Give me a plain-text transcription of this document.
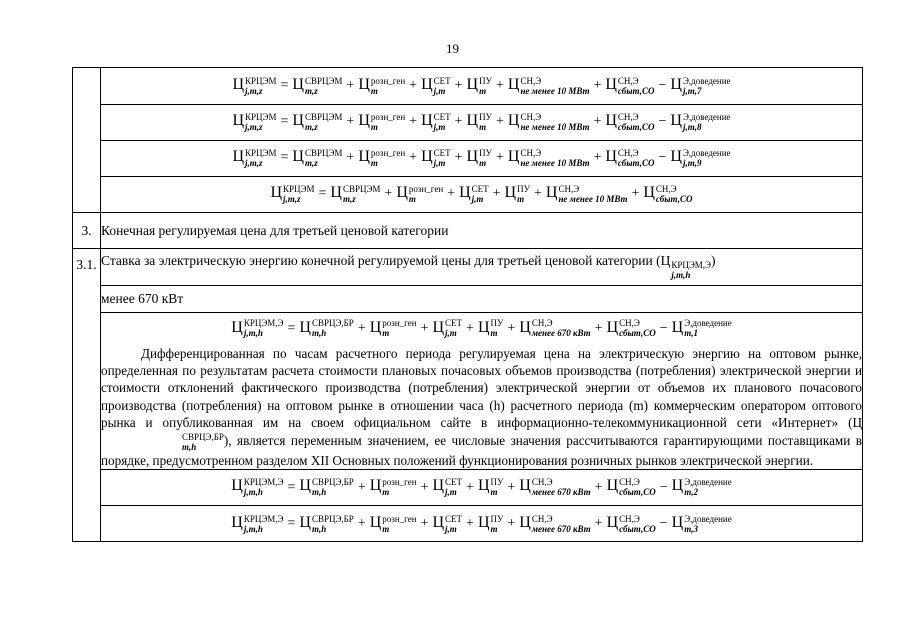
19

Ц КРЦЭМ
j,m,z	= Ц СВРЦЭМ
m,z	+ Ц розн_ген
m	+ Ц СЕТ
j,m + Ц ПУ
m + Ц СН,Э
не менее 10 МВт + Ц СН,Э
сбыт,СО − Ц Э,доведение
j,m,7

Ц КРЦЭМ
j,m,z	= Ц СВРЦЭМ
m,z	+ Ц розн_ген
m	+ Ц СЕТ
j,m + Ц ПУ
m + Ц СН,Э
не менее 10 МВт + Ц СН,Э
сбыт,СО − Ц Э,доведение
j,m,8

Ц КРЦЭМ
j,m,z	= Ц СВРЦЭМ
m,z	+ Ц розн_ген
m	+ Ц СЕТ
j,m + Ц ПУ
m + Ц СН,Э
не менее 10 МВт + Ц СН,Э
сбыт,СО − Ц Э,доведение
j,m,9

Ц КРЦЭМ
j,m,z	= Ц СВРЦЭМ
m,z	+ Ц розн_ген
m	+ Ц СЕТ
j,m + Ц ПУ
m + Ц СН,Э
не менее 10 МВт + Ц СН,Э
сбыт,СО

3.	Конечная регулируемая цена для третьей ценовой категории
3.1.	Ставка за электрическую энергию конечной регулируемой цены для третьей ценовой категории (Ц КРЦЭМ,Э
j,m,h
)
менее 670 кВт

Ц КРЦЭМ,Э
j,m,h	= Ц СВРЦЭ,БР
m,h	+ Ц розн_ген
m	+ Ц СЕТ
j,m + Ц ПУ
m + Ц СН,Э
менее 670 кВт + Ц СН,Э
сбыт,СО − Ц Э,доведение
m,1

Дифференцированная по часам расчетного периода регулируемая цена на электрическую энергию на оптовом рынке, определенная по результатам расчета стоимости плановых почасовых объемов производства (потребления) электрической энергии и стоимости отклонений фактического производства (потребления) электрической энергии от объемов их планового почасового производства (потребления) на оптовом рынке в отношении часа (h) расчетного периода (m) коммерческим оператором оптового рынка и опубликованная им на своем официальном сайте в информационно-телекоммуникационной сети «Интернет» (Ц
СВРЦЭ,БР
m,h	), является переменным значением, ее числовые значения рассчитываются гарантирующими поставщиками в порядке, предусмотренном разделом XII Основных положений функционирования розничных рынков электрической энергии.

Ц КРЦЭМ,Э
j,m,h	= Ц СВРЦЭ,БР
m,h	+ Ц розн_ген
m	+ Ц СЕТ
j,m + Ц ПУ
m + Ц СН,Э
менее 670 кВт + Ц СН,Э
сбыт,СО − Ц Э,доведение
m,2

Ц КРЦЭМ,Э
j,m,h	= Ц СВРЦЭ,БР
m,h	+ Ц розн_ген
m	+ Ц СЕТ
j,m + Ц ПУ
m + Ц СН,Э
менее 670 кВт + Ц СН,Э
сбыт,СО − Ц Э,доведение
m,3
